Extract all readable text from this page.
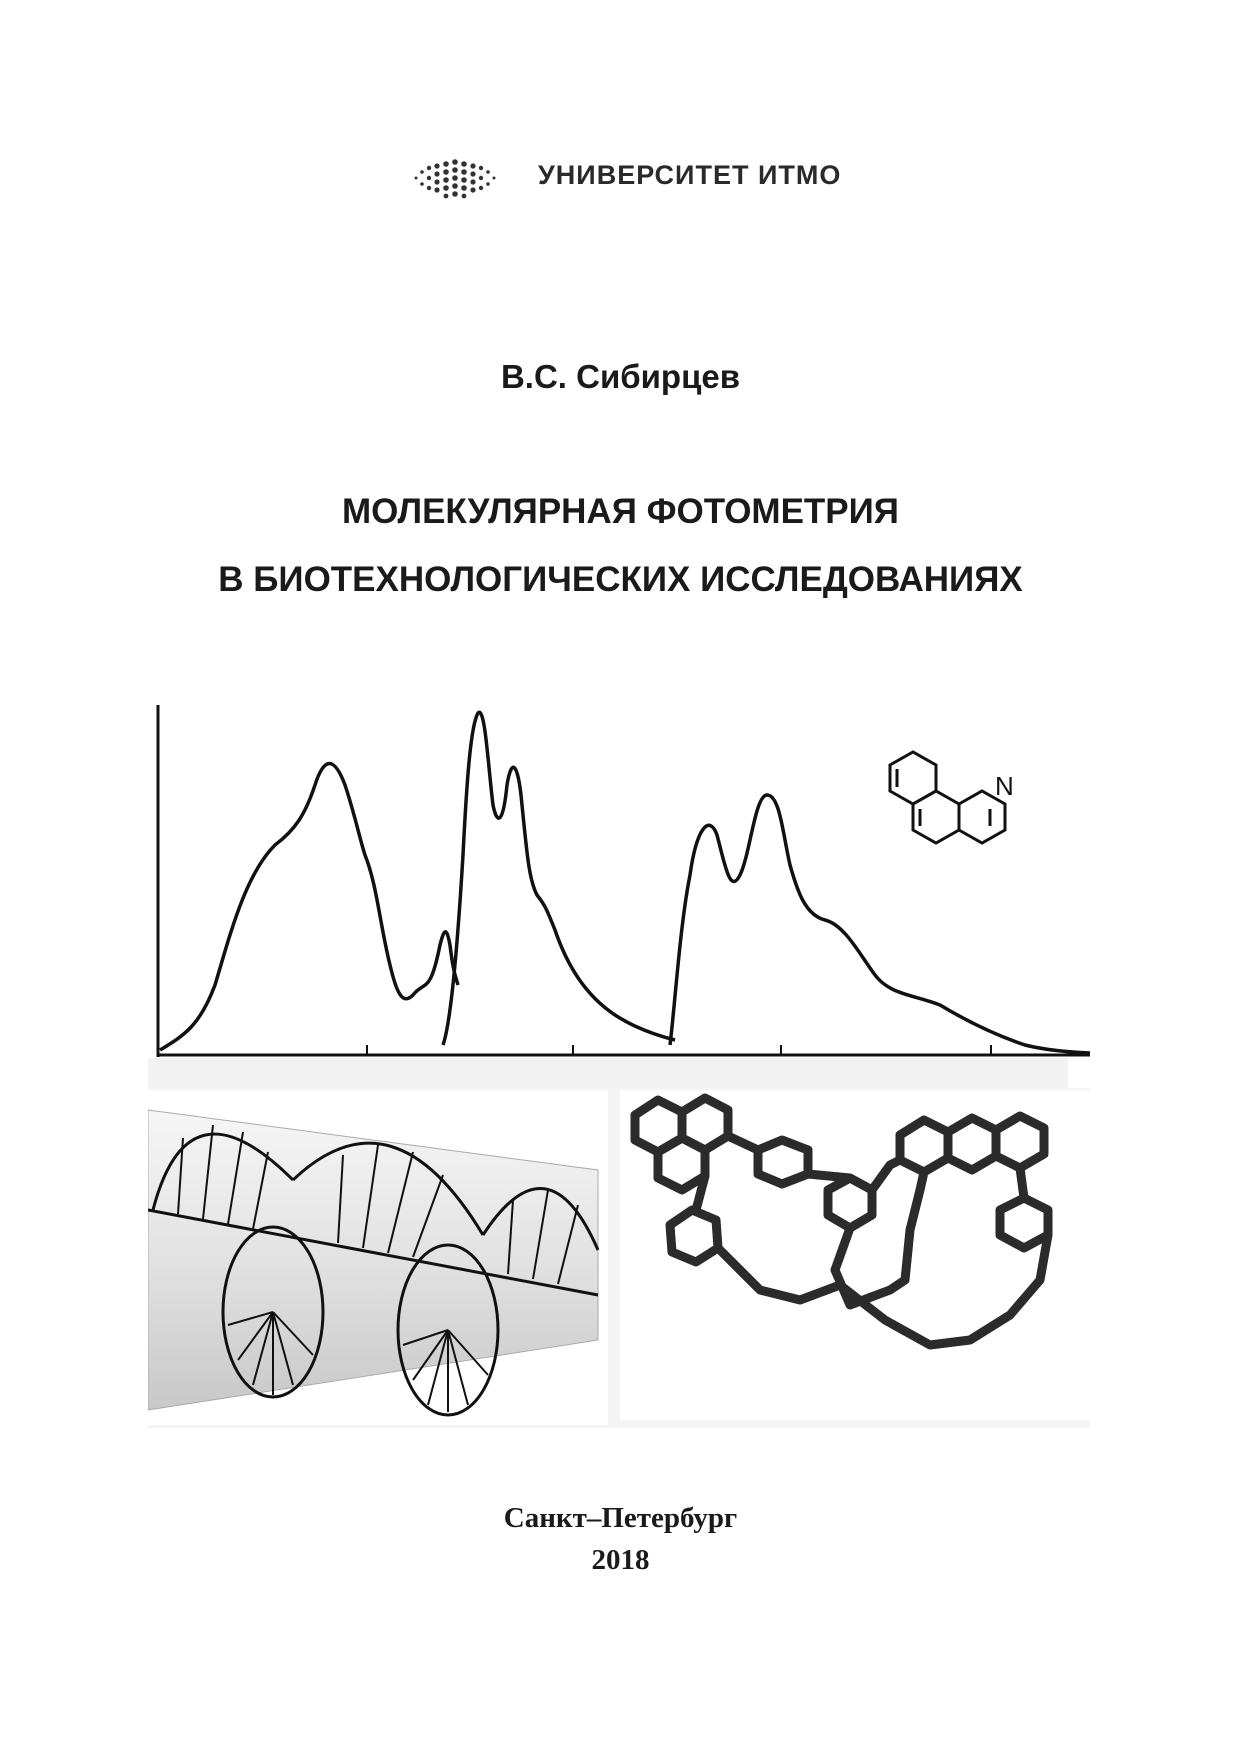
УНИВЕРСИТЕТ ИТМО
В.С. Сибирцев
МОЛЕКУЛЯРНАЯ ФОТОМЕТРИЯ
В БИОТЕХНОЛОГИЧЕСКИХ ИССЛЕДОВАНИЯХ
N
Санкт–Петербург
2018
